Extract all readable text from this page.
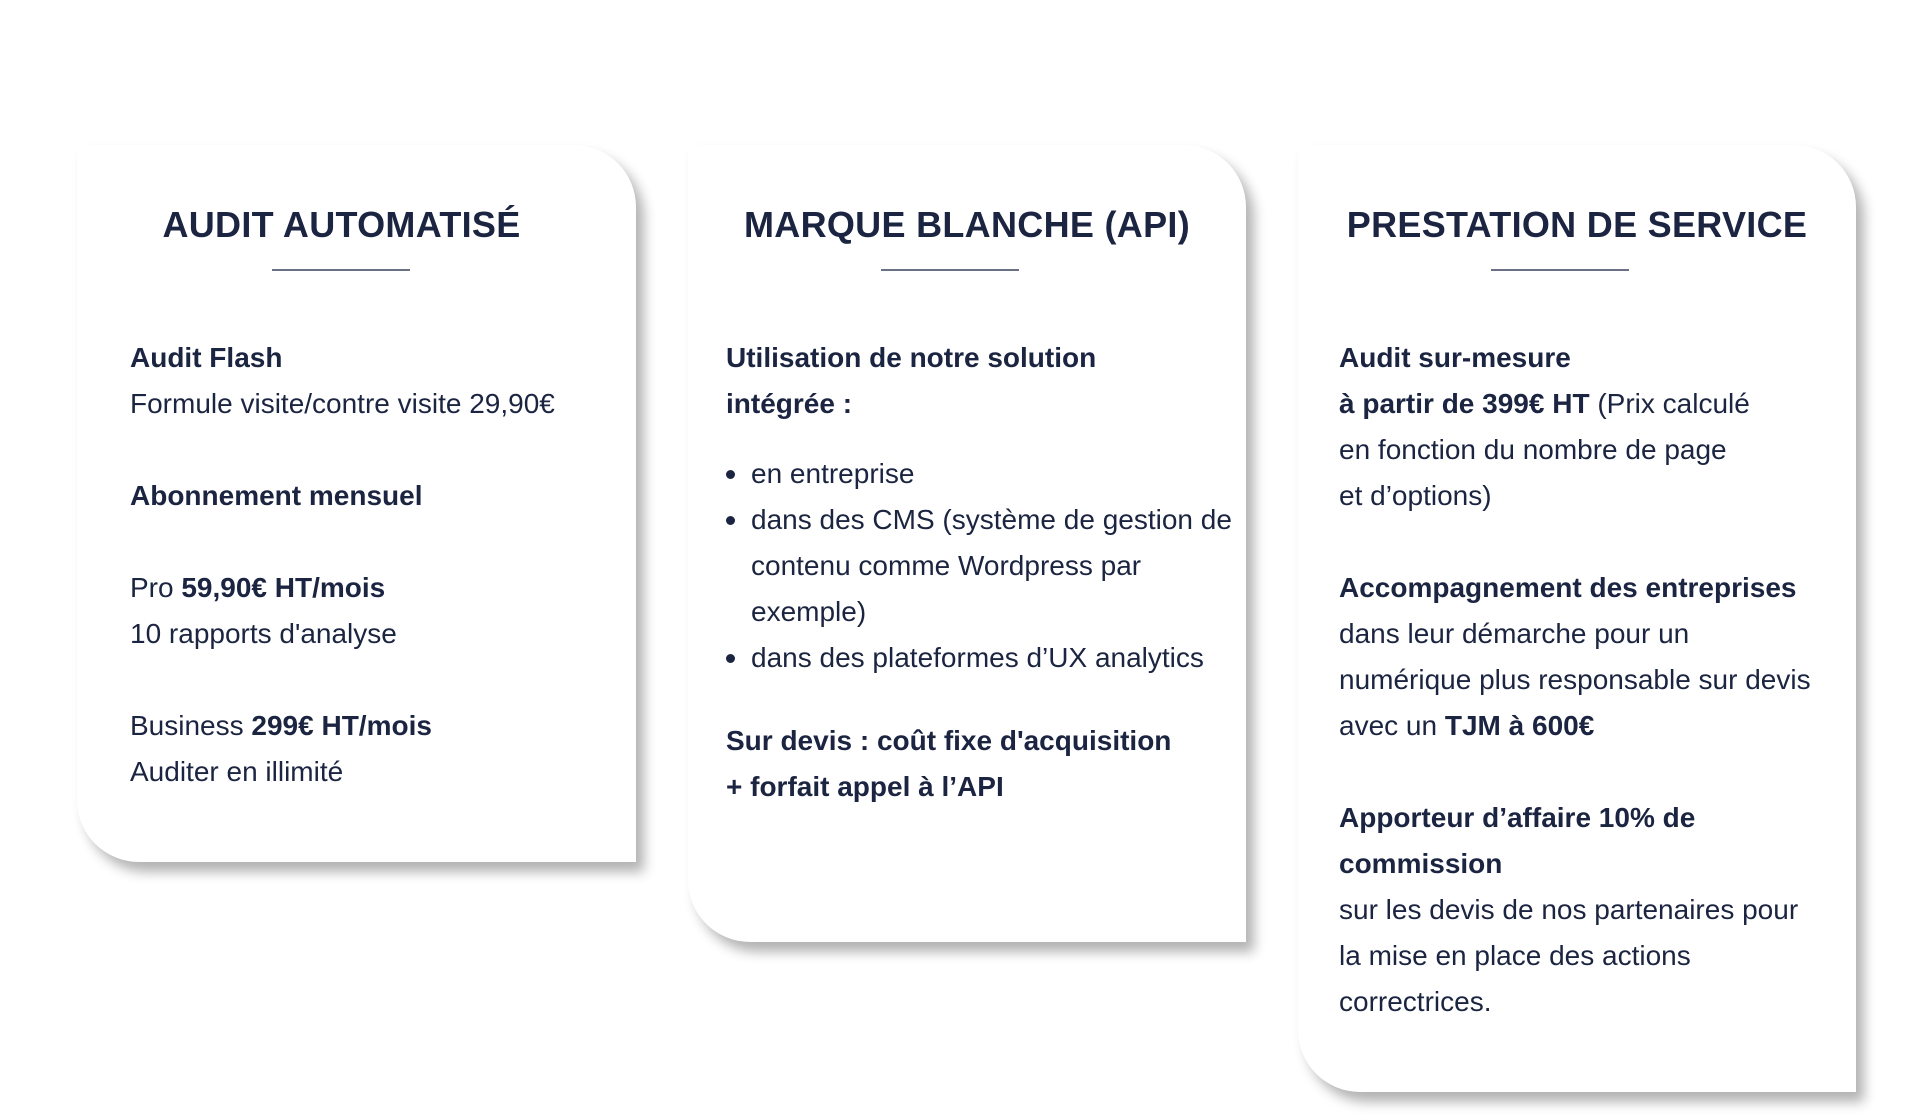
AUDIT AUTOMATISÉ
Audit Flash
Formule visite/contre visite 29,90€
Abonnement mensuel
Pro 59,90€ HT/mois
10 rapports d'analyse
Business 299€ HT/mois
Auditer en illimité
MARQUE BLANCHE (API)
Utilisation de notre solution
intégrée :
en entreprise
dans des CMS (système de gestion de contenu comme Wordpress par exemple)
dans des plateformes d’UX analytics
Sur devis : coût fixe d'acquisition
+ forfait appel à l’API
PRESTATION DE SERVICE
Audit sur-mesure
à partir de 399€ HT (Prix calculé
en fonction du nombre de page
et d’options)
Accompagnement des entreprises
dans leur démarche pour un
numérique plus responsable sur devis
avec un TJM à 600€
Apporteur d’affaire 10% de
commission
sur les devis de nos partenaires pour
la mise en place des actions
correctrices.
